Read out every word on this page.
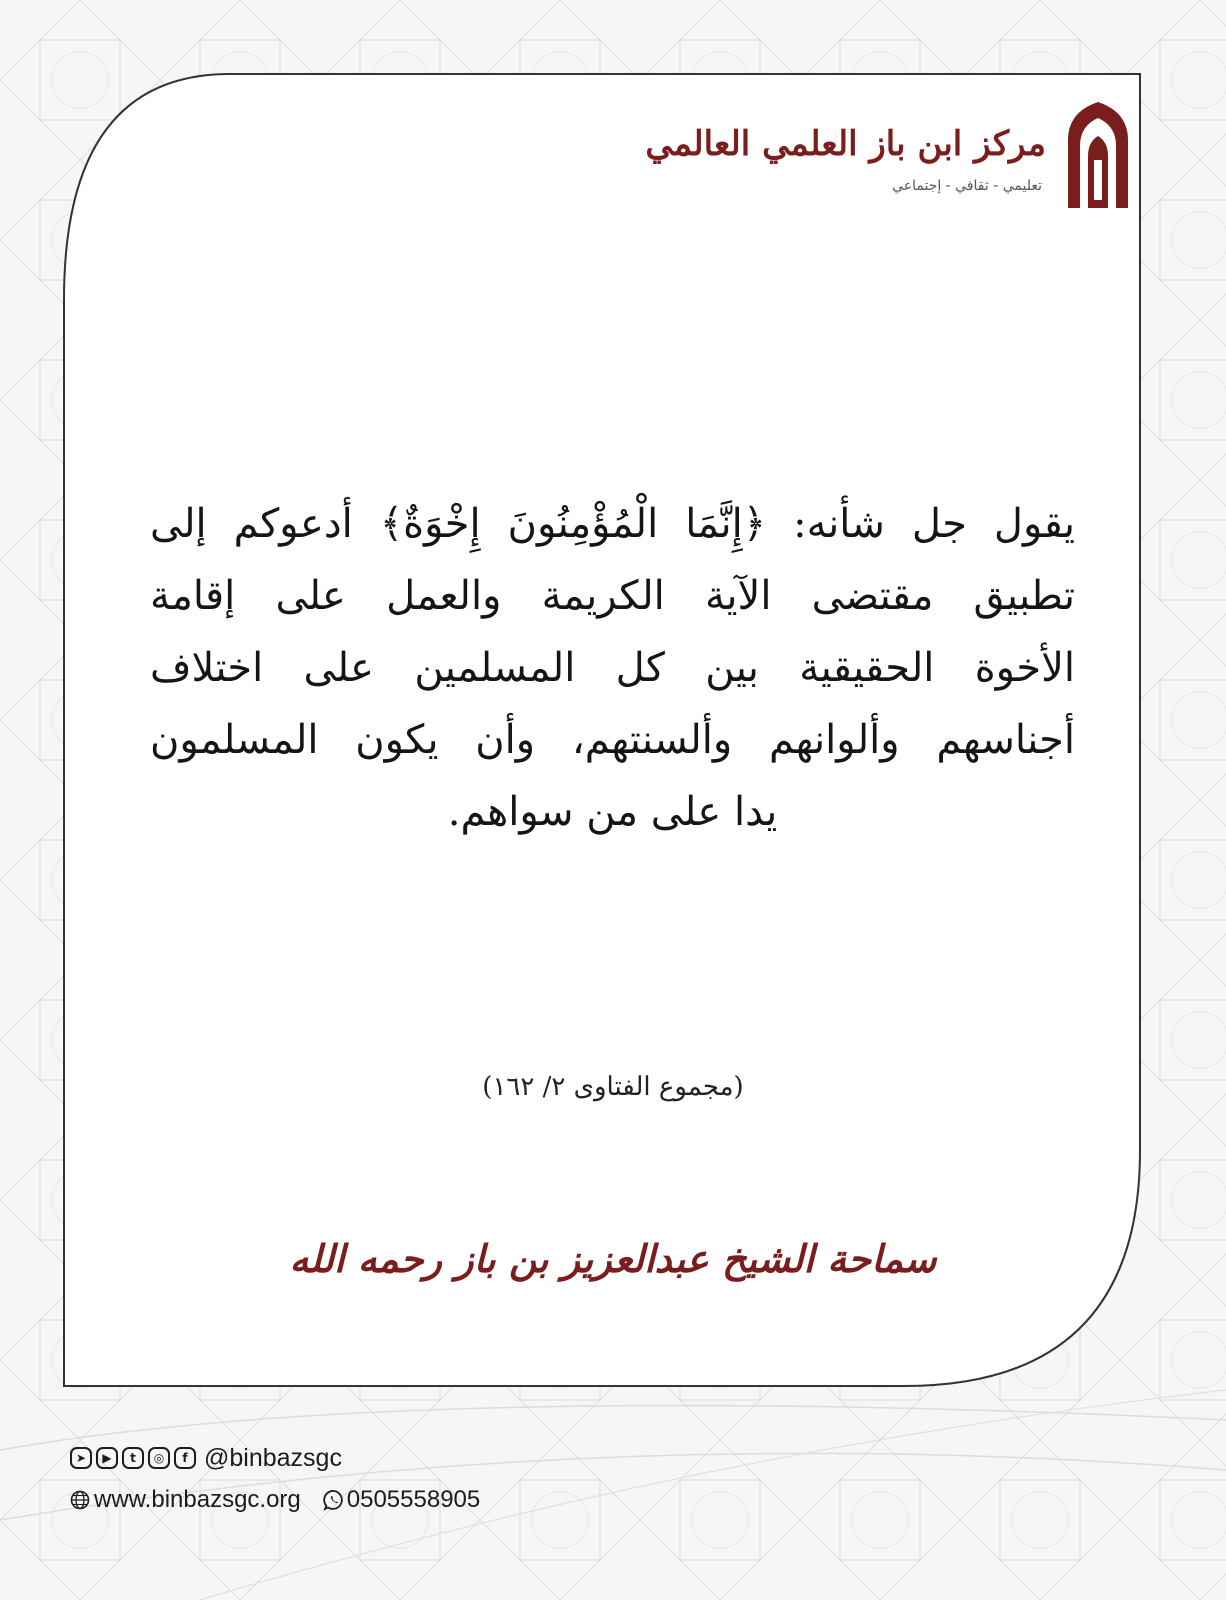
مركز ابن باز العلمي العالمي
تعليمي - ثقافي - إجتماعي
يقول جل شأنه: ﴿إِنَّمَا الْمُؤْمِنُونَ إِخْوَةٌ﴾ أدعوكم إلى
تطبيق مقتضى الآية الكريمة والعمل على إقامة
الأخوة الحقيقية بين كل المسلمين على اختلاف
أجناسهم وألوانهم وألسنتهم، وأن يكون المسلمون
يدا على من سواهم.
(مجموع الفتاوى ٢/ ١٦٢)
سماحة الشيخ عبدالعزيز بن باز رحمه الله
➤	▶	t	◎	f @binbazsgc
www.binbazsgc.org 0505558905
